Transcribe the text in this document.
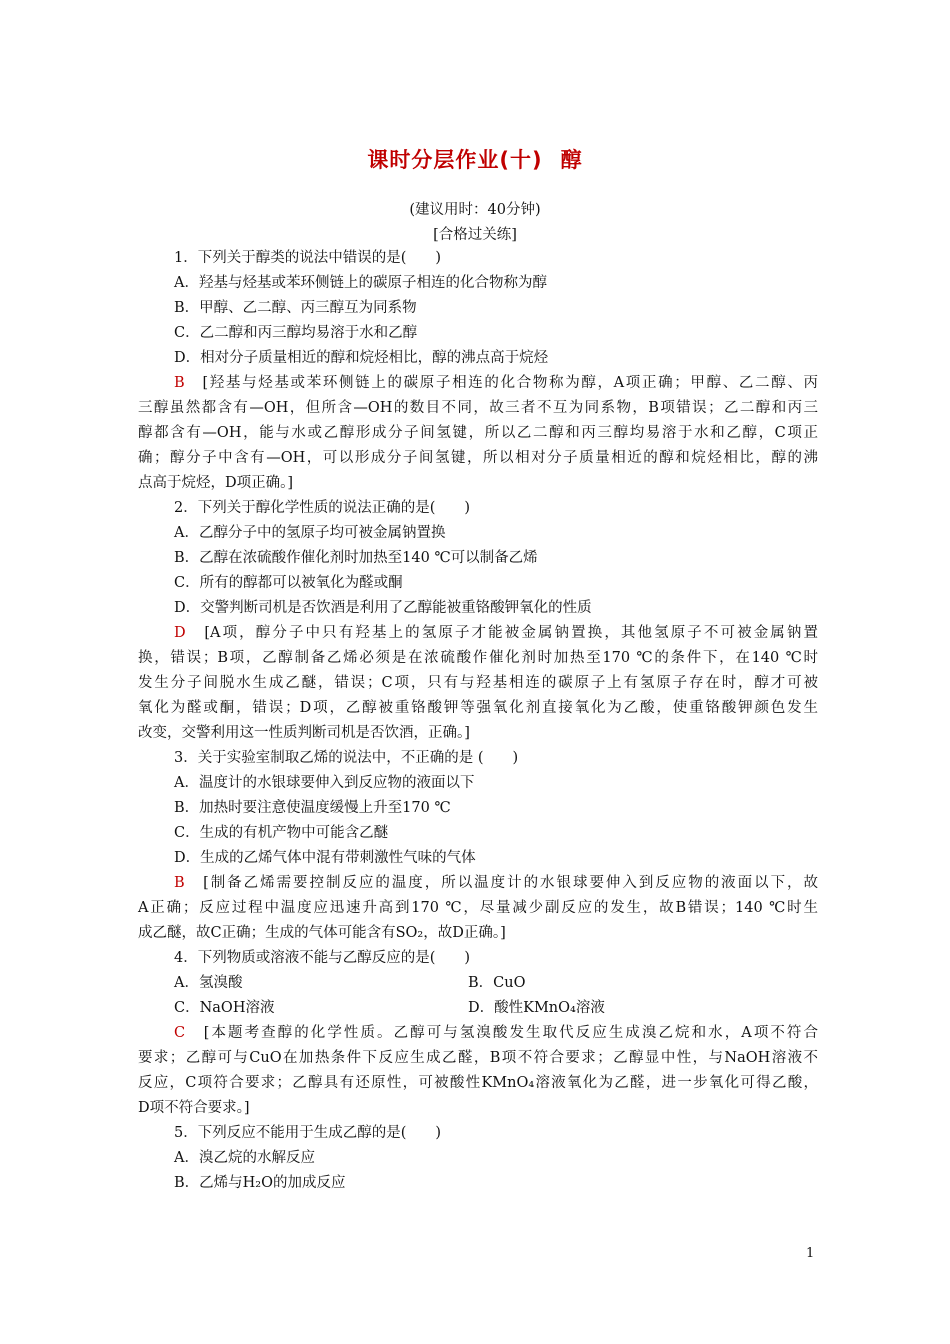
课时分层作业(十) 醇
(建议用时：40分钟)
[合格过关练]
1．下列关于醇类的说法中错误的是(　　)
A．羟基与烃基或苯环侧链上的碳原子相连的化合物称为醇
B．甲醇、乙二醇、丙三醇互为同系物
C．乙二醇和丙三醇均易溶于水和乙醇
D．相对分子质量相近的醇和烷烃相比，醇的沸点高于烷烃
B　 [羟基与烃基或苯环侧链上的碳原子相连的化合物称为醇，A项正确；甲醇、乙二醇、丙
三醇虽然都含有—OH，但所含—OH的数目不同，故三者不互为同系物，B项错误；乙二醇和丙三
醇都含有—OH，能与水或乙醇形成分子间氢键，所以乙二醇和丙三醇均易溶于水和乙醇，C项正
确；醇分子中含有—OH，可以形成分子间氢键，所以相对分子质量相近的醇和烷烃相比，醇的沸
点高于烷烃，D项正确。]
2．下列关于醇化学性质的说法正确的是(　　)
A．乙醇分子中的氢原子均可被金属钠置换
B．乙醇在浓硫酸作催化剂时加热至140 ℃可以制备乙烯
C．所有的醇都可以被氧化为醛或酮
D．交警判断司机是否饮酒是利用了乙醇能被重铬酸钾氧化的性质
D　 [A项，醇分子中只有羟基上的氢原子才能被金属钠置换，其他氢原子不可被金属钠置
换，错误；B项，乙醇制备乙烯必须是在浓硫酸作催化剂时加热至170 ℃的条件下，在140 ℃时
发生分子间脱水生成乙醚，错误；C项，只有与羟基相连的碳原子上有氢原子存在时，醇才可被
氧化为醛或酮，错误；D项，乙醇被重铬酸钾等强氧化剂直接氧化为乙酸，使重铬酸钾颜色发生
改变，交警利用这一性质判断司机是否饮酒，正确。]
3．关于实验室制取乙烯的说法中，不正确的是 (　　)
A．温度计的水银球要伸入到反应物的液面以下
B．加热时要注意使温度缓慢上升至170 ℃
C．生成的有机产物中可能含乙醚
D．生成的乙烯气体中混有带刺激性气味的气体
B　 [制备乙烯需要控制反应的温度，所以温度计的水银球要伸入到反应物的液面以下，故
A正确；反应过程中温度应迅速升高到170 ℃，尽量减少副反应的发生，故B错误；140 ℃时生
成乙醚，故C正确；生成的气体可能含有SO₂，故D正确。]
4．下列物质或溶液不能与乙醇反应的是(　　)
A．氢溴酸	B．CuO
C．NaOH溶液	D．酸性KMnO₄溶液
C　 [本题考查醇的化学性质。乙醇可与氢溴酸发生取代反应生成溴乙烷和水，A项不符合
要求；乙醇可与CuO在加热条件下反应生成乙醛，B项不符合要求；乙醇显中性，与NaOH溶液不
反应，C项符合要求；乙醇具有还原性，可被酸性KMnO₄溶液氧化为乙醛，进一步氧化可得乙酸，
D项不符合要求。]
5．下列反应不能用于生成乙醇的是(　　)
A．溴乙烷的水解反应
B．乙烯与H₂O的加成反应
1
